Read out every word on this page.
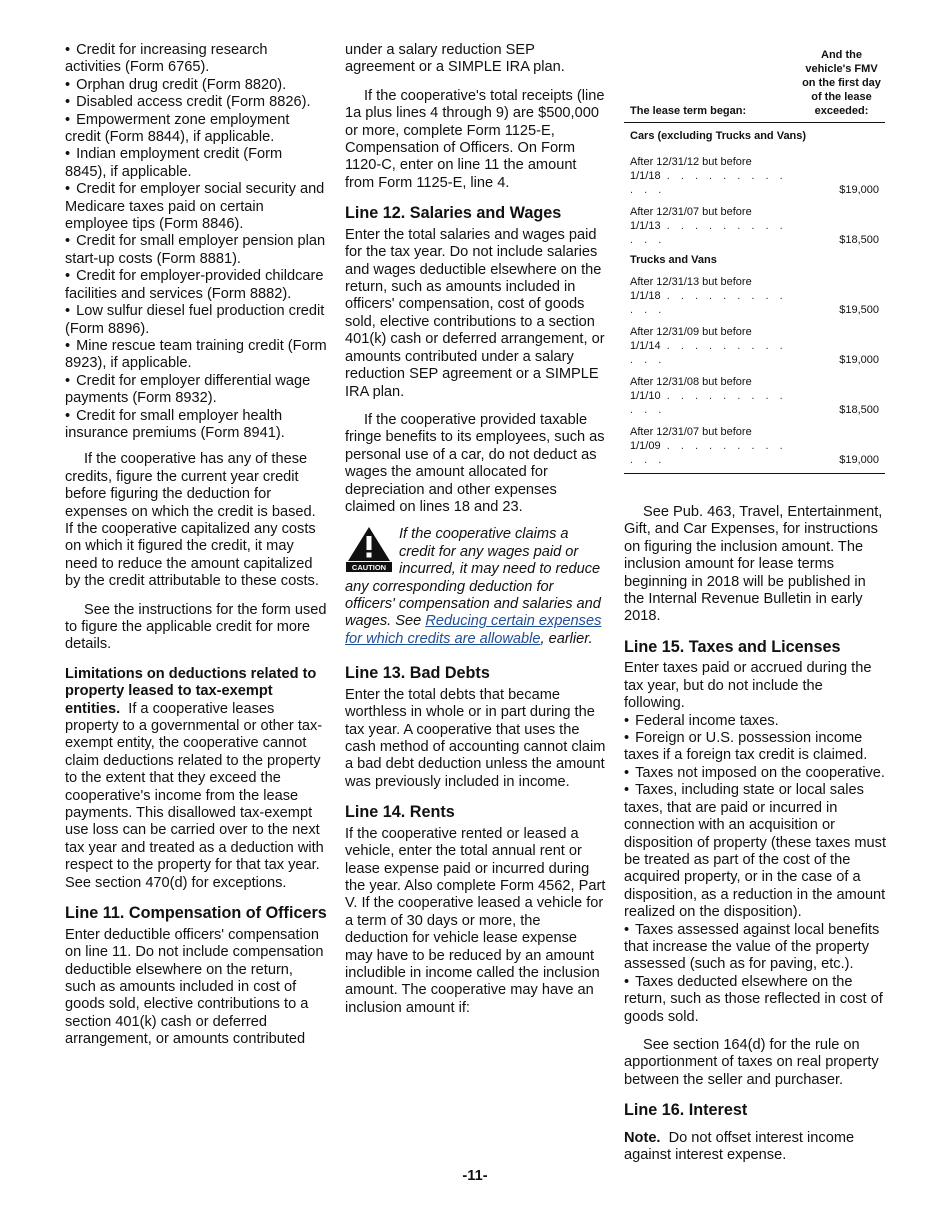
• Credit for increasing research activities (Form 6765).

• Orphan drug credit (Form 8820).

• Disabled access credit (Form 8826).

• Empowerment zone employment credit (Form 8844), if applicable.

• Indian employment credit (Form 8845), if applicable.

• Credit for employer social security and Medicare taxes paid on certain employee tips (Form 8846).

• Credit for small employer pension plan start-up costs (Form 8881).

• Credit for employer-provided childcare facilities and services (Form 8882).

• Low sulfur diesel fuel production credit (Form 8896).

• Mine rescue team training credit (Form 8923), if applicable.

• Credit for employer differential wage payments (Form 8932).

• Credit for small employer health insurance premiums (Form 8941).

If the cooperative has any of these credits, figure the current year credit before figuring the deduction for expenses on which the credit is based. If the cooperative capitalized any costs on which it figured the credit, it may need to reduce the amount capitalized by the credit attributable to these costs.

See the instructions for the form used to figure the applicable credit for more details.

Limitations on deductions related to property leased to tax-exempt entities. If a cooperative leases property to a governmental or other tax-exempt entity, the cooperative cannot claim deductions related to the property to the extent that they exceed the cooperative's income from the lease payments. This disallowed tax-exempt use loss can be carried over to the next tax year and treated as a deduction with respect to the property for that tax year. See section 470(d) for exceptions.

Line 11. Compensation of Officers

Enter deductible officers' compensation on line 11. Do not include compensation deductible elsewhere on the return, such as amounts included in cost of goods sold, elective contributions to a section 401(k) cash or deferred arrangement, or amounts contributed

under a salary reduction SEP agreement or a SIMPLE IRA plan.

If the cooperative's total receipts (line 1a plus lines 4 through 9) are $500,000 or more, complete Form 1125-E, Compensation of Officers. On Form 1120-C, enter on line 11 the amount from Form 1125-E, line 4.

Line 12. Salaries and Wages

Enter the total salaries and wages paid for the tax year. Do not include salaries and wages deductible elsewhere on the return, such as amounts included in officers' compensation, cost of goods sold, elective contributions to a section 401(k) cash or deferred arrangement, or amounts contributed under a salary reduction SEP agreement or a SIMPLE IRA plan.

If the cooperative provided taxable fringe benefits to its employees, such as personal use of a car, do not deduct as wages the amount allocated for depreciation and other expenses claimed on lines 18 and 23.

CAUTION
If the cooperative claims a credit for any wages paid or incurred, it may need to reduce any corresponding deduction for officers' compensation and salaries and wages. See Reducing certain expenses for which credits are allowable, earlier.
Line 13. Bad Debts

Enter the total debts that became worthless in whole or in part during the tax year. A cooperative that uses the cash method of accounting cannot claim a bad debt deduction unless the amount was previously included in income.

Line 14. Rents

If the cooperative rented or leased a vehicle, enter the total annual rent or lease expense paid or incurred during the year. Also complete Form 4562, Part V. If the cooperative leased a vehicle for a term of 30 days or more, the deduction for vehicle lease expense may have to be reduced by an amount includible in income called the inclusion amount. The cooperative may have an inclusion amount if:

The lease term began:	And the vehicle's FMV on the first day of the lease exceeded:
Cars (excluding Trucks and Vans)	
After 12/31/12 but before
1/1/18 . . . . . . . . . . . .	$19,000
After 12/31/07 but before
1/1/13 . . . . . . . . . . . .	$18,500
Trucks and Vans	
After 12/31/13 but before
1/1/18 . . . . . . . . . . . .	$19,500
After 12/31/09 but before
1/1/14 . . . . . . . . . . . .	$19,000
After 12/31/08 but before
1/1/10 . . . . . . . . . . . .	$18,500
After 12/31/07 but before
1/1/09 . . . . . . . . . . . .	$19,000

See Pub. 463, Travel, Entertainment, Gift, and Car Expenses, for instructions on figuring the inclusion amount. The inclusion amount for lease terms beginning in 2018 will be published in the Internal Revenue Bulletin in early 2018.

Line 15. Taxes and Licenses

Enter taxes paid or accrued during the tax year, but do not include the following.

• Federal income taxes.

• Foreign or U.S. possession income taxes if a foreign tax credit is claimed.

• Taxes not imposed on the cooperative.

• Taxes, including state or local sales taxes, that are paid or incurred in connection with an acquisition or disposition of property (these taxes must be treated as part of the cost of the acquired property, or in the case of a disposition, as a reduction in the amount realized on the disposition).

• Taxes assessed against local benefits that increase the value of the property assessed (such as for paving, etc.).

• Taxes deducted elsewhere on the return, such as those reflected in cost of goods sold.

See section 164(d) for the rule on apportionment of taxes on real property between the seller and purchaser.

Line 16. Interest

Note. Do not offset interest income against interest expense.

-11-
